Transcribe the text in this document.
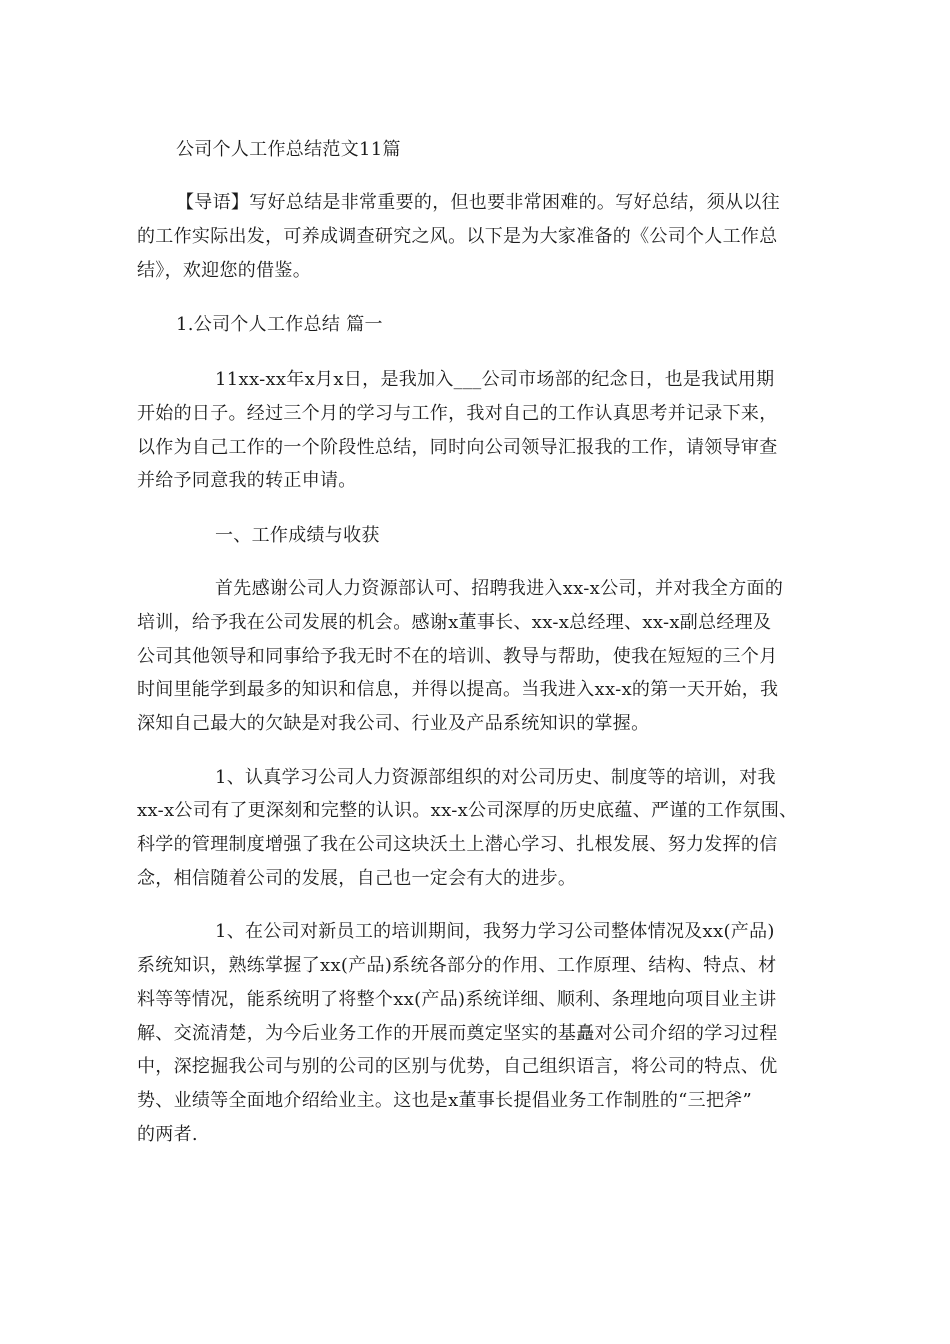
公司个人工作总结范文11篇
【导语】写好总结是非常重要的，但也要非常困难的。写好总结，须从以往
的工作实际出发，可养成调查研究之风。以下是为大家准备的《公司个人工作总
结》，欢迎您的借鉴。
1.公司个人工作总结 篇一
11xx-xx年x月x日，是我加入___公司市场部的纪念日，也是我试用期
开始的日子。经过三个月的学习与工作，我对自己的工作认真思考并记录下来，
以作为自己工作的一个阶段性总结，同时向公司领导汇报我的工作，请领导审查
并给予同意我的转正申请。
一、工作成绩与收获
首先感谢公司人力资源部认可、招聘我进入xx-x公司，并对我全方面的
培训，给予我在公司发展的机会。感谢x董事长、xx-x总经理、xx-x副总经理及
公司其他领导和同事给予我无时不在的培训、教导与帮助，使我在短短的三个月
时间里能学到最多的知识和信息，并得以提高。当我进入xx-x的第一天开始，我
深知自己最大的欠缺是对我公司、行业及产品系统知识的掌握。
1、认真学习公司人力资源部组织的对公司历史、制度等的培训，对我
xx-x公司有了更深刻和完整的认识。xx-x公司深厚的历史底蕴、严谨的工作氛围、
科学的管理制度增强了我在公司这块沃土上潜心学习、扎根发展、努力发挥的信
念，相信随着公司的发展，自己也一定会有大的进步。
1、在公司对新员工的培训期间，我努力学习公司整体情况及xx(产品)
系统知识，熟练掌握了xx(产品)系统各部分的作用、工作原理、结构、特点、材
料等等情况，能系统明了将整个xx(产品)系统详细、顺利、条理地向项目业主讲
解、交流清楚，为今后业务工作的开展而奠定坚实的基矗对公司介绍的学习过程
中，深挖掘我公司与别的公司的区别与优势，自己组织语言，将公司的特点、优
势、业绩等全面地介绍给业主。这也是x董事长提倡业务工作制胜的“三把斧”
的两者.
